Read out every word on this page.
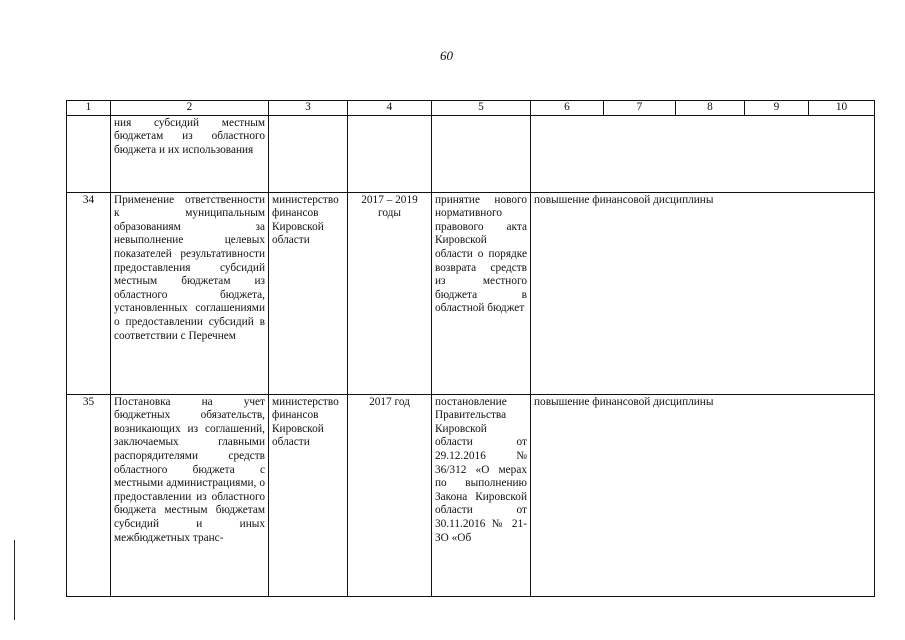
60
1	2	3	4	5	6	7	8	9	10
	ния субсидий местным бюджетам из областного бюджета и их использования								
34	Применение ответственности к муниципальным образованиям за невыполнение целевых показателей результативности предоставления субсидий местным бюджетам из областного бюджета, установленных соглашениями о предоставлении субсидий в соответствии с Перечнем	министерство финансов Кировской области	2017 – 2019 годы	принятие нового нормативного правового акта Кировской области о порядке возврата средств из местного бюджета в областной бюджет	повышение финансовой дисциплины				
35	Постановка на учет бюджетных обязательств, возникающих из соглашений, заключаемых главными распорядителями средств областного бюджета с местными администрациями, о предоставлении из областного бюджета местным бюджетам субсидий и иных межбюджетных транс-	министерство финансов Кировской области	2017 год	постановление Правительства Кировской области от 29.12.2016 № 36/312 «О мерах по выполнению Закона Кировской области от 30.11.2016 № 21-ЗО «Об	повышение финансовой дисциплины				
